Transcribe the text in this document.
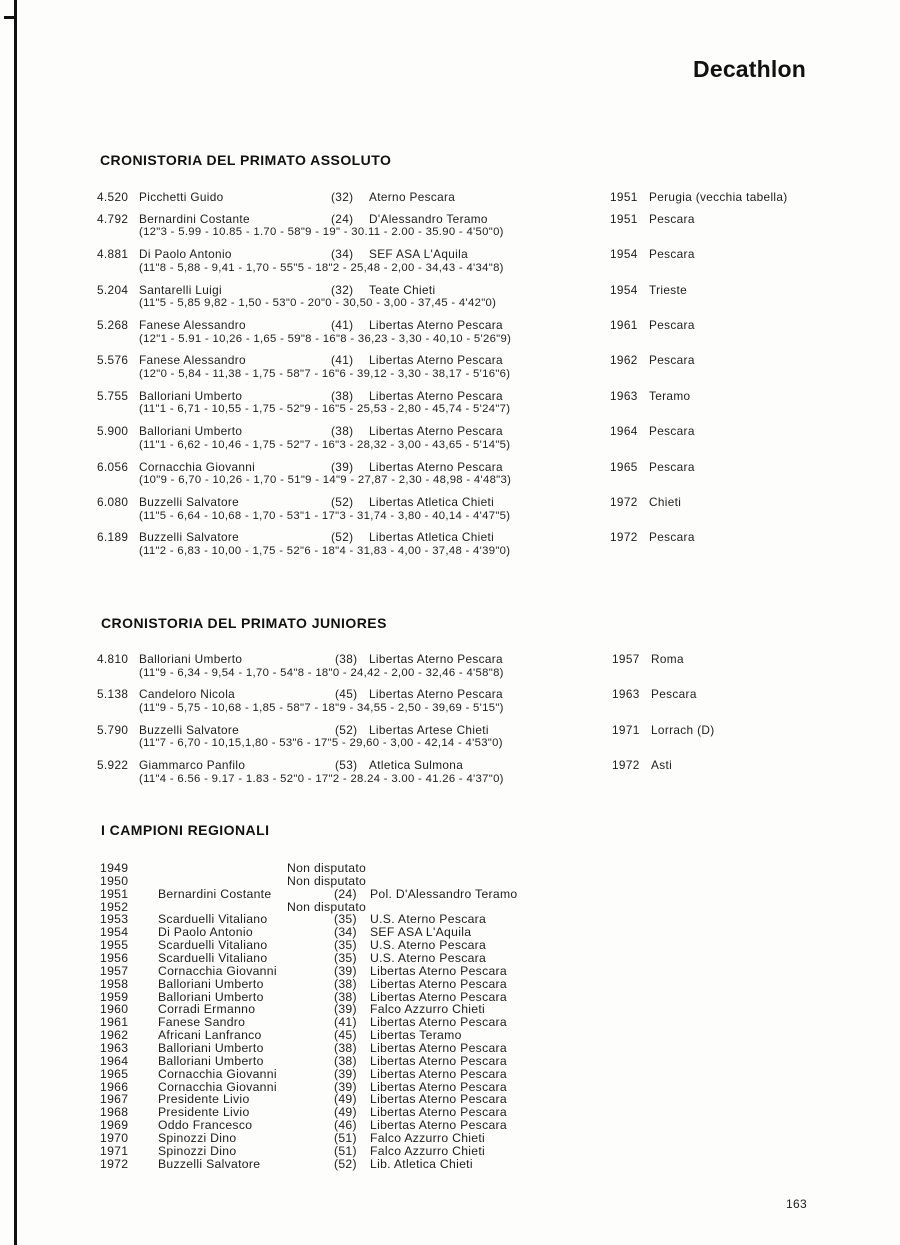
Decathlon
CRONISTORIA DEL PRIMATO ASSOLUTO
4.520 Picchetti Guido	(32) Aterno Pescara	1951 Perugia (vecchia tabella)
4.792 Bernardini Costante	(24) D'Alessandro Teramo	1951 Pescara
(12"3 - 5.99 - 10.85 - 1.70 - 58"9 - 19" - 30.11 - 2.00 - 35.90 - 4'50"0)
4.881 Di Paolo Antonio	(34) SEF ASA L'Aquila	1954 Pescara
(11"8 - 5,88 - 9,41 - 1,70 - 55"5 - 18"2 - 25,48 - 2,00 - 34,43 - 4'34"8)
5.204 Santarelli Luigi	(32) Teate Chieti	1954 Trieste
(11"5 - 5,85 9,82 - 1,50 - 53"0 - 20"0 - 30,50 - 3,00 - 37,45 - 4'42"0)
5.268 Fanese Alessandro	(41) Libertas Aterno Pescara	1961 Pescara
(12"1 - 5.91 - 10,26 - 1,65 - 59"8 - 16"8 - 36,23 - 3,30 - 40,10 - 5'26"9)
5.576 Fanese Alessandro	(41) Libertas Aterno Pescara	1962 Pescara
(12"0 - 5,84 - 11,38 - 1,75 - 58"7 - 16"6 - 39,12 - 3,30 - 38,17 - 5'16"6)
5.755 Balloriani Umberto	(38) Libertas Aterno Pescara	1963 Teramo
(11"1 - 6,71 - 10,55 - 1,75 - 52"9 - 16"5 - 25,53 - 2,80 - 45,74 - 5'24"7)
5.900 Balloriani Umberto	(38) Libertas Aterno Pescara	1964 Pescara
(11"1 - 6,62 - 10,46 - 1,75 - 52"7 - 16"3 - 28,32 - 3,00 - 43,65 - 5'14"5)
6.056 Cornacchia Giovanni	(39) Libertas Aterno Pescara	1965 Pescara
(10"9 - 6,70 - 10,26 - 1,70 - 51"9 - 14"9 - 27,87 - 2,30 - 48,98 - 4'48"3)
6.080 Buzzelli Salvatore	(52) Libertas Atletica Chieti	1972 Chieti
(11"5 - 6,64 - 10,68 - 1,70 - 53"1 - 17"3 - 31,74 - 3,80 - 40,14 - 4'47"5)
6.189 Buzzelli Salvatore	(52) Libertas Atletica Chieti	1972 Pescara
(11"2 - 6,83 - 10,00 - 1,75 - 52"6 - 18"4 - 31,83 - 4,00 - 37,48 - 4'39"0)
CRONISTORIA DEL PRIMATO JUNIORES
4.810 Balloriani Umberto	(38) Libertas Aterno Pescara	1957 Roma
(11"9 - 6,34 - 9,54 - 1,70 - 54"8 - 18"0 - 24,42 - 2,00 - 32,46 - 4'58"8)
5.138 Candeloro Nicola	(45) Libertas Aterno Pescara	1963 Pescara
(11"9 - 5,75 - 10,68 - 1,85 - 58"7 - 18"9 - 34,55 - 2,50 - 39,69 - 5'15")
5.790 Buzzelli Salvatore	(52) Libertas Artese Chieti	1971 Lorrach (D)
(11"7 - 6,70 - 10,15,1,80 - 53"6 - 17"5 - 29,60 - 3,00 - 42,14 - 4'53"0)
5.922 Giammarco Panfilo	(53) Atletica Sulmona	1972 Asti
(11"4 - 6.56 - 9.17 - 1.83 - 52"0 - 17"2 - 28.24 - 3.00 - 41.26 - 4'37"0)
I CAMPIONI REGIONALI
1949	Non disputato
1950	Non disputato
1951 Bernardini Costante	(24) Pol. D'Alessandro Teramo
1952	Non disputato
1953 Scarduelli Vitaliano	(35) U.S. Aterno Pescara
1954 Di Paolo Antonio	(34) SEF ASA L'Aquila
1955 Scarduelli Vitaliano	(35) U.S. Aterno Pescara
1956 Scarduelli Vitaliano	(35) U.S. Aterno Pescara
1957 Cornacchia Giovanni	(39) Libertas Aterno Pescara
1958 Balloriani Umberto	(38) Libertas Aterno Pescara
1959 Balloriani Umberto	(38) Libertas Aterno Pescara
1960 Corradi Ermanno	(39) Falco Azzurro Chieti
1961 Fanese Sandro	(41) Libertas Aterno Pescara
1962 Africani Lanfranco	(45) Libertas Teramo
1963 Balloriani Umberto	(38) Libertas Aterno Pescara
1964 Balloriani Umberto	(38) Libertas Aterno Pescara
1965 Cornacchia Giovanni	(39) Libertas Aterno Pescara
1966 Cornacchia Giovanni	(39) Libertas Aterno Pescara
1967 Presidente Livio	(49) Libertas Aterno Pescara
1968 Presidente Livio	(49) Libertas Aterno Pescara
1969 Oddo Francesco	(46) Libertas Aterno Pescara
1970 Spinozzi Dino	(51) Falco Azzurro Chieti
1971 Spinozzi Dino	(51) Falco Azzurro Chieti
1972 Buzzelli Salvatore	(52) Lib. Atletica Chieti
163
